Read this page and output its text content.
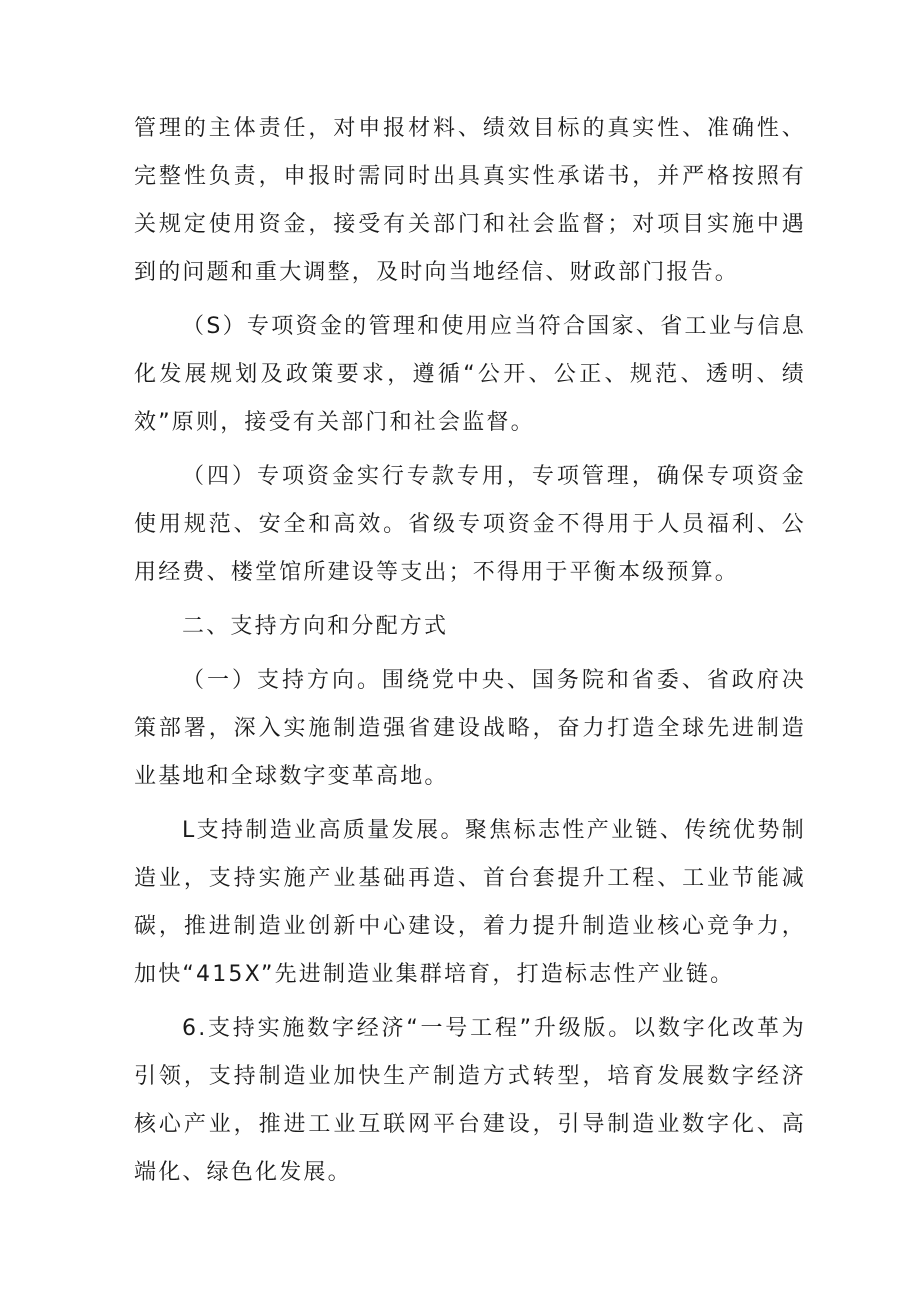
管理的主体责任，对申报材料、绩效目标的真实性、准确性、完整性负责，申报时需同时出具真实性承诺书，并严格按照有关规定使用资金，接受有关部门和社会监督；对项目实施中遇到的问题和重大调整，及时向当地经信、财政部门报告。

（S）专项资金的管理和使用应当符合国家、省工业与信息化发展规划及政策要求，遵循“公开、公正、规范、透明、绩效”原则，接受有关部门和社会监督。

（四）专项资金实行专款专用，专项管理，确保专项资金使用规范、安全和高效。省级专项资金不得用于人员福利、公用经费、楼堂馆所建设等支出；不得用于平衡本级预算。

二、支持方向和分配方式

（一）支持方向。围绕党中央、国务院和省委、省政府决策部署，深入实施制造强省建设战略，奋力打造全球先进制造业基地和全球数字变革高地。

L支持制造业高质量发展。聚焦标志性产业链、传统优势制造业，支持实施产业基础再造、首台套提升工程、工业节能减碳，推进制造业创新中心建设，着力提升制造业核心竞争力，加快“415X”先进制造业集群培育，打造标志性产业链。

6.支持实施数字经济“一号工程”升级版。以数字化改革为引领，支持制造业加快生产制造方式转型，培育发展数字经济核心产业，推进工业互联网平台建设，引导制造业数字化、高端化、绿色化发展。
